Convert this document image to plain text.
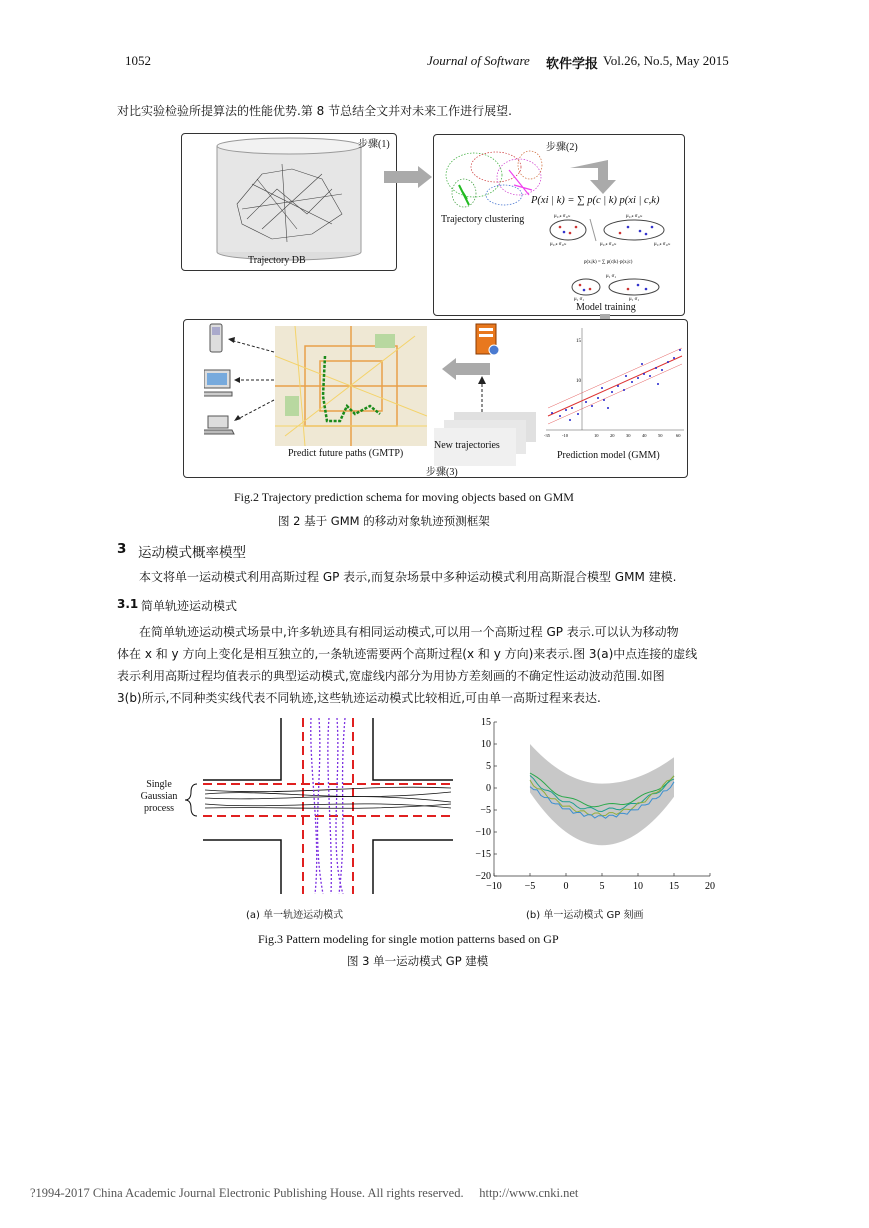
1052	Journal of Software 软件学报 Vol.26, No.5, May 2015
对比实验检验所提算法的性能优势.第 8 节总结全文并对未来工作进行展望.
Trajectory DB
步骤(1)
Trajectory clustering
P(xi | k) = ∑ p(c | k) p(xi | c,k)
p(xᵢ|k) = ∑ p(c|k)·p(xᵢ|c)
μ₁,ₖ σ₁,ₖ	μ₁,ₖ σ₁,ₖ
μ₁,ₖ σ₁,ₖ	μ₁,ₖ σ₁,ₖ	μ₁,ₖ σ₁,ₖ
μ₁ σ₁
μ₁ σ₁	μ₁ σ₁
Model training
步骤(2)
Predict future paths (GMTP)
New trajectories
15
10
-35	-10	10	20	30	40	50	60
Prediction model (GMM)
步骤(3)
Fig.2 Trajectory prediction schema for moving objects based on GMM
图 2 基于 GMM 的移动对象轨迹预测框架
3 运动模式概率模型
本文将单一运动模式利用高斯过程 GP 表示,而复杂场景中多种运动模式利用高斯混合模型 GMM 建模.
3.1 简单轨迹运动模式
在简单轨迹运动模式场景中,许多轨迹具有相同运动模式,可以用一个高斯过程 GP 表示.可以认为移动物
体在 x 和 y 方向上变化是相互独立的,一条轨迹需要两个高斯过程(x 和 y 方向)来表示.图 3(a)中点连接的虚线
表示利用高斯过程均值表示的典型运动模式,宽虚线内部分为用协方差刻画的不确定性运动波动范围.如图
3(b)所示,不同种类实线代表不同轨迹,这些轨迹运动模式比较相近,可由单一高斯过程来表达.
Single
Gaussian
process
(a) 单一轨迹运动模式
15
10
5
0
−5
−10
−15
−20
−10 −5	0	5	10	15	20
(b) 单一运动模式 GP 刻画
Fig.3 Pattern modeling for single motion patterns based on GP
图 3 单一运动模式 GP 建模
?1994-2017 China Academic Journal Electronic Publishing House. All rights reserved.     http://www.cnki.net
